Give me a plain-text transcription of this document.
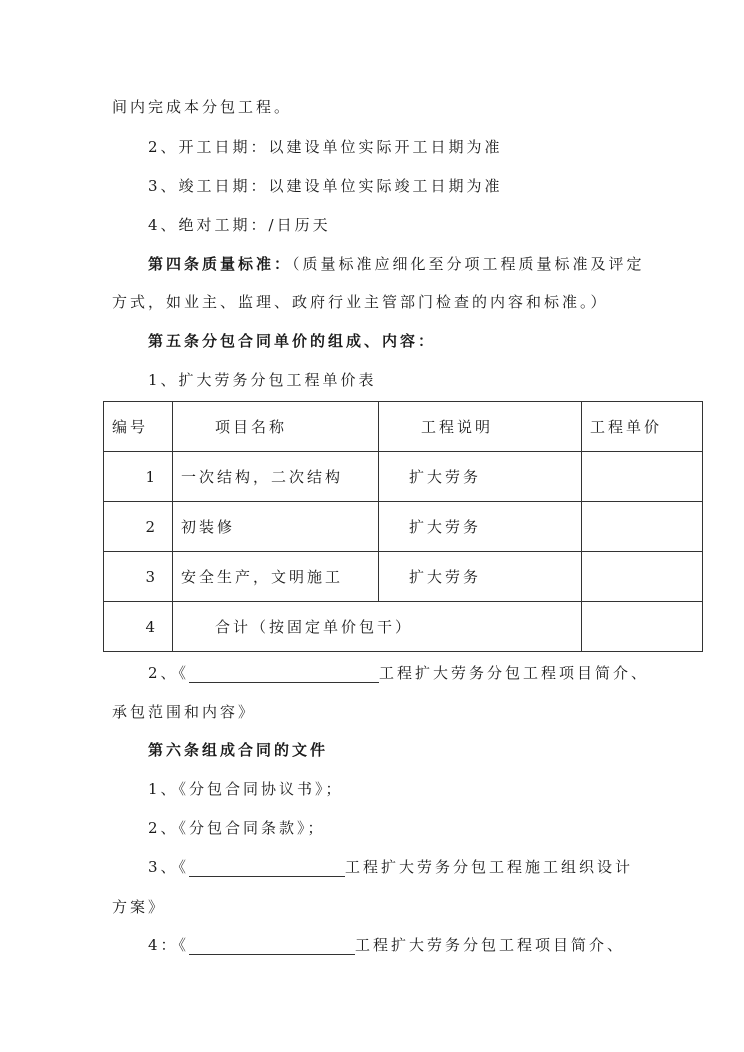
间内完成本分包工程。
2、开工日期：以建设单位实际开工日期为准
3、竣工日期：以建设单位实际竣工日期为准
4、绝对工期：/日历天
第四条质量标准：（质量标准应细化至分项工程质量标准及评定
方式，如业主、监理、政府行业主管部门检查的内容和标准。）
第五条分包合同单价的组成、内容：
1、扩大劳务分包工程单价表
编号	项目名称	工程说明	工程单价
1	一次结构，二次结构	扩大劳务	
2	初装修	扩大劳务	
3	安全生产，文明施工	扩大劳务	
4	合计（按固定单价包干）		
2、《	工程扩大劳务分包工程项目简介、
承包范围和内容》
第六条组成合同的文件
1、《分包合同协议书》；
2、《分包合同条款》；
3、《	工程扩大劳务分包工程施工组织设计
方案》
4：《	工程扩大劳务分包工程项目简介、
